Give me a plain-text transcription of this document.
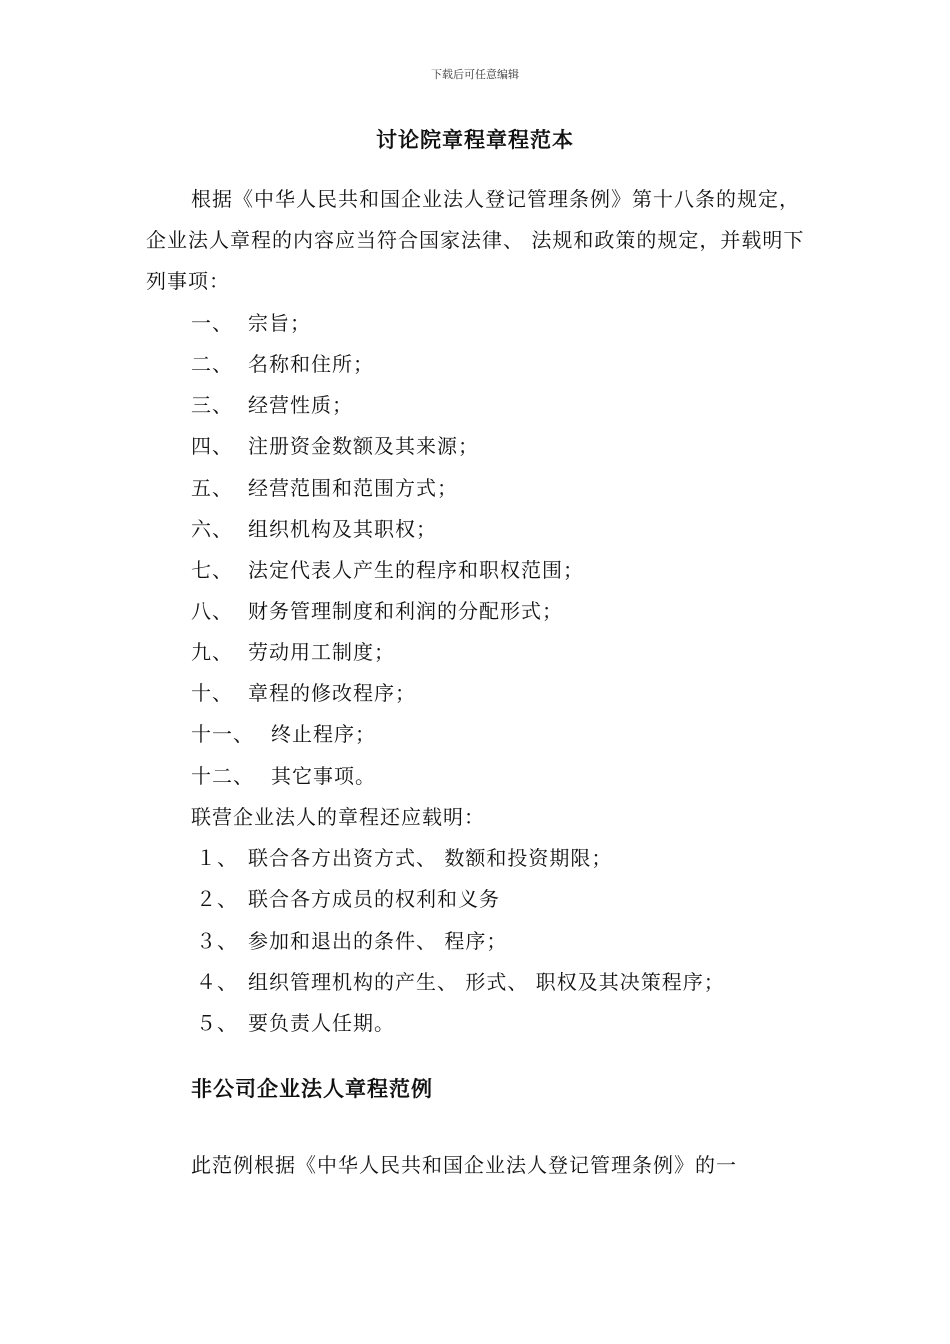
下载后可任意编辑
讨论院章程章程范本
根据《中华人民共和国企业法人登记管理条例》第十八条的规定，企业法人章程的内容应当符合国家法律、 法规和政策的规定，并载明下列事项：
一、 宗旨；
二、 名称和住所；
三、 经营性质；
四、 注册资金数额及其来源；
五、 经营范围和范围方式；
六、 组织机构及其职权；
七、 法定代表人产生的程序和职权范围；
八、 财务管理制度和利润的分配形式；
九、 劳动用工制度；
十、 章程的修改程序；
十一、 终止程序；
十二、 其它事项。
联营企业法人的章程还应载明：
１、 联合各方出资方式、 数额和投资期限；
２、 联合各方成员的权利和义务
３、 参加和退出的条件、 程序；
４、 组织管理机构的产生、 形式、 职权及其决策程序；
５、 要负责人任期。
非公司企业法人章程范例
此范例根据《中华人民共和国企业法人登记管理条例》的一
